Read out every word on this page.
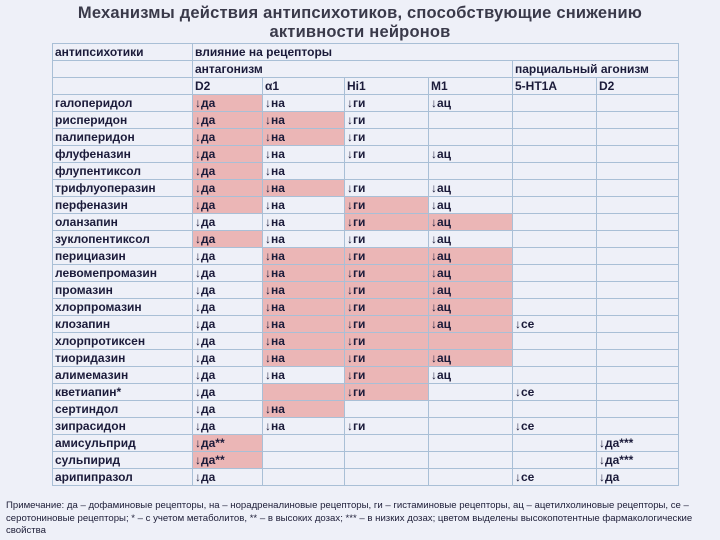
Механизмы действия антипсихотиков, способствующие снижению
активности нейронов
антипсихотики	влияние на рецепторы					
	антагонизм				парциальный агонизм	
	D2	α1	Hi1	M1	5-HT1A	D2
галоперидол	↓да	↓на	↓ги	↓ац		
рисперидон	↓да	↓на	↓ги			
палиперидон	↓да	↓на	↓ги			
флуфеназин	↓да	↓на	↓ги	↓ац		
флупентиксол	↓да	↓на				
трифлуоперазин	↓да	↓на	↓ги	↓ац		
перфеназин	↓да	↓на	↓ги	↓ац		
оланзапин	↓да	↓на	↓ги	↓ац		
зуклопентиксол	↓да	↓на	↓ги	↓ац		
перициазин	↓да	↓на	↓ги	↓ац		
левомепромазин	↓да	↓на	↓ги	↓ац		
промазин	↓да	↓на	↓ги	↓ац		
хлорпромазин	↓да	↓на	↓ги	↓ац		
клозапин	↓да	↓на	↓ги	↓ац	↓се	
хлорпротиксен	↓да	↓на	↓ги			
тиоридазин	↓да	↓на	↓ги	↓ац		
алимемазин	↓да	↓на	↓ги	↓ац		
кветиапин*	↓да		↓ги		↓се	
сертиндол	↓да	↓на				
зипрасидон	↓да	↓на	↓ги		↓се	
амисульприд	↓да**					↓да***
сульпирид	↓да**					↓да***
арипипразол	↓да				↓се	↓да
Примечание: да – дофаминовые рецепторы, на – норадреналиновые рецепторы, ги – гистаминовые рецепторы, ац – ацетилхолиновые рецепторы, се – серотониновые рецепторы; * – с учетом метаболитов, ** – в высоких дозах; *** – в низких дозах; цветом выделены высокопотентные фармакологические свойства
